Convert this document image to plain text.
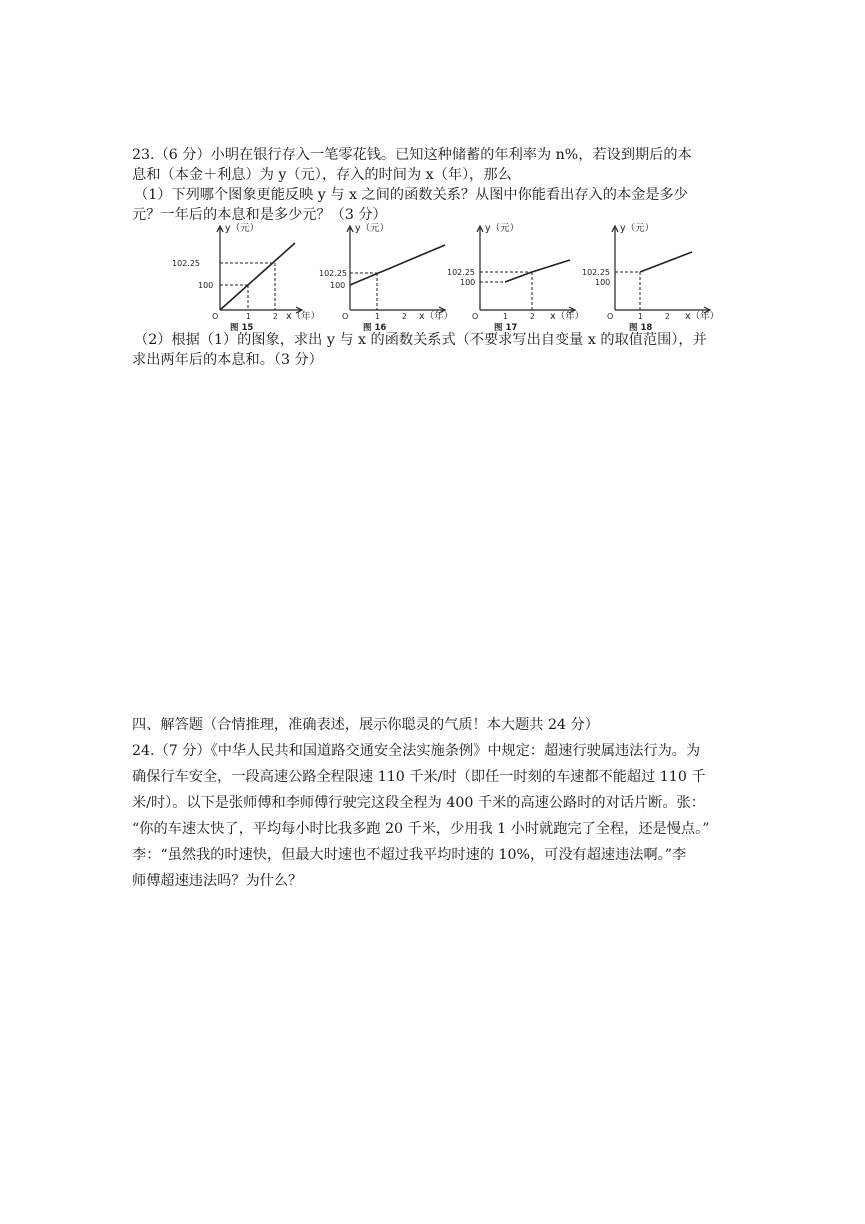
23.（6 分）小明在银行存入一笔零花钱。已知这种储蓄的年利率为 n%，若设到期后的本
息和（本金＋利息）为 y（元），存入的时间为 x（年），那么
（1）下列哪个图象更能反映 y 与 x 之间的函数关系？从图中你能看出存入的本金是多少
元？一年后的本息和是多少元？（3 分）
y（元）
102.25
100
O	1	2 x（年）
图 15
y（元）
102.25
100
O	1	2 x（年）
图 16
y（元）
102.25
100
O	1	2 x（年）
图 17
y（元）
102.25
100
O	1	2 x（年）
图 18
（2）根据（1）的图象，求出 y 与 x 的函数关系式（不要求写出自变量 x 的取值范围），并
求出两年后的本息和。（3 分）
四、解答题（合情推理，准确表述，展示你聪灵的气质！本大题共 24 分）
24.（7 分）《中华人民共和国道路交通安全法实施条例》中规定：超速行驶属违法行为。为
确保行车安全，一段高速公路全程限速 110 千米/时（即任一时刻的车速都不能超过 110 千
米/时）。以下是张师傅和李师傅行驶完这段全程为 400 千米的高速公路时的对话片断。张：
“你的车速太快了，平均每小时比我多跑 20 千米，少用我 1 小时就跑完了全程，还是慢点。”
李：“虽然我的时速快，但最大时速也不超过我平均时速的 10%，可没有超速违法啊。”李
师傅超速违法吗？为什么？
